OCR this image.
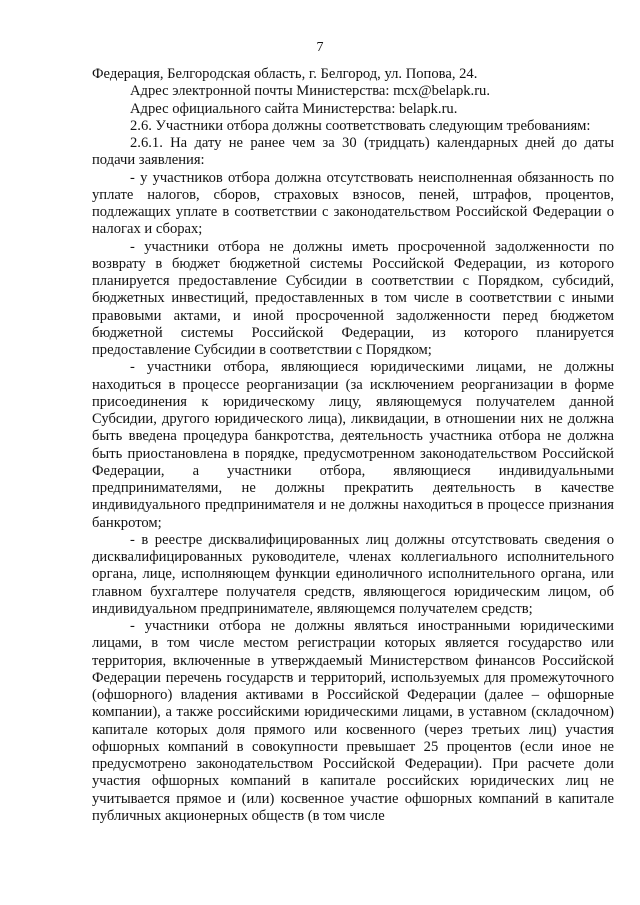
7

Федерация, Белгородская область, г. Белгород, ул. Попова, 24.

Адрес электронной почты Министерства: mcx@belapk.ru.

Адрес официального сайта Министерства: belapk.ru.

2.6. Участники отбора должны соответствовать следующим требованиям:

2.6.1. На дату не ранее чем за 30 (тридцать) календарных дней до даты подачи заявления:

- у участников отбора должна отсутствовать неисполненная обязанность по уплате налогов, сборов, страховых взносов, пеней, штрафов, процентов, подлежащих уплате в соответствии с законодательством Российской Федерации о налогах и сборах;

- участники отбора не должны иметь просроченной задолженности по возврату в бюджет бюджетной системы Российской Федерации, из которого планируется предоставление Субсидии в соответствии с Порядком, субсидий, бюджетных инвестиций, предоставленных в том числе в соответствии с иными правовыми актами, и иной просроченной задолженности перед бюджетом бюджетной системы Российской Федерации, из которого планируется предоставление Субсидии в соответствии с Порядком;

- участники отбора, являющиеся юридическими лицами, не должны находиться в процессе реорганизации (за исключением реорганизации в форме присоединения к юридическому лицу, являющемуся получателем данной Субсидии, другого юридического лица), ликвидации, в отношении них не должна быть введена процедура банкротства, деятельность участника отбора не должна быть приостановлена в порядке, предусмотренном законодательством Российской Федерации, а участники отбора, являющиеся индивидуальными предпринимателями, не должны прекратить деятельность в качестве индивидуального предпринимателя и не должны находиться в процессе признания банкротом;

- в реестре дисквалифицированных лиц должны отсутствовать сведения о дисквалифицированных руководителе, членах коллегиального исполнительного органа, лице, исполняющем функции единоличного исполнительного органа, или главном бухгалтере получателя средств, являющегося юридическим лицом, об индивидуальном предпринимателе, являющемся получателем средств;

- участники отбора не должны являться иностранными юридическими лицами, в том числе местом регистрации которых является государство или территория, включенные в утверждаемый Министерством финансов Российской Федерации перечень государств и территорий, используемых для промежуточного (офшорного) владения активами в Российской Федерации (далее – офшорные компании), а также российскими юридическими лицами, в уставном (складочном) капитале которых доля прямого или косвенного (через третьих лиц) участия офшорных компаний в совокупности превышает 25 процентов (если иное не предусмотрено законодательством Российской Федерации). При расчете доли участия офшорных компаний в капитале российских юридических лиц не учитывается прямое и (или) косвенное участие офшорных компаний в капитале публичных акционерных обществ (в том числе
